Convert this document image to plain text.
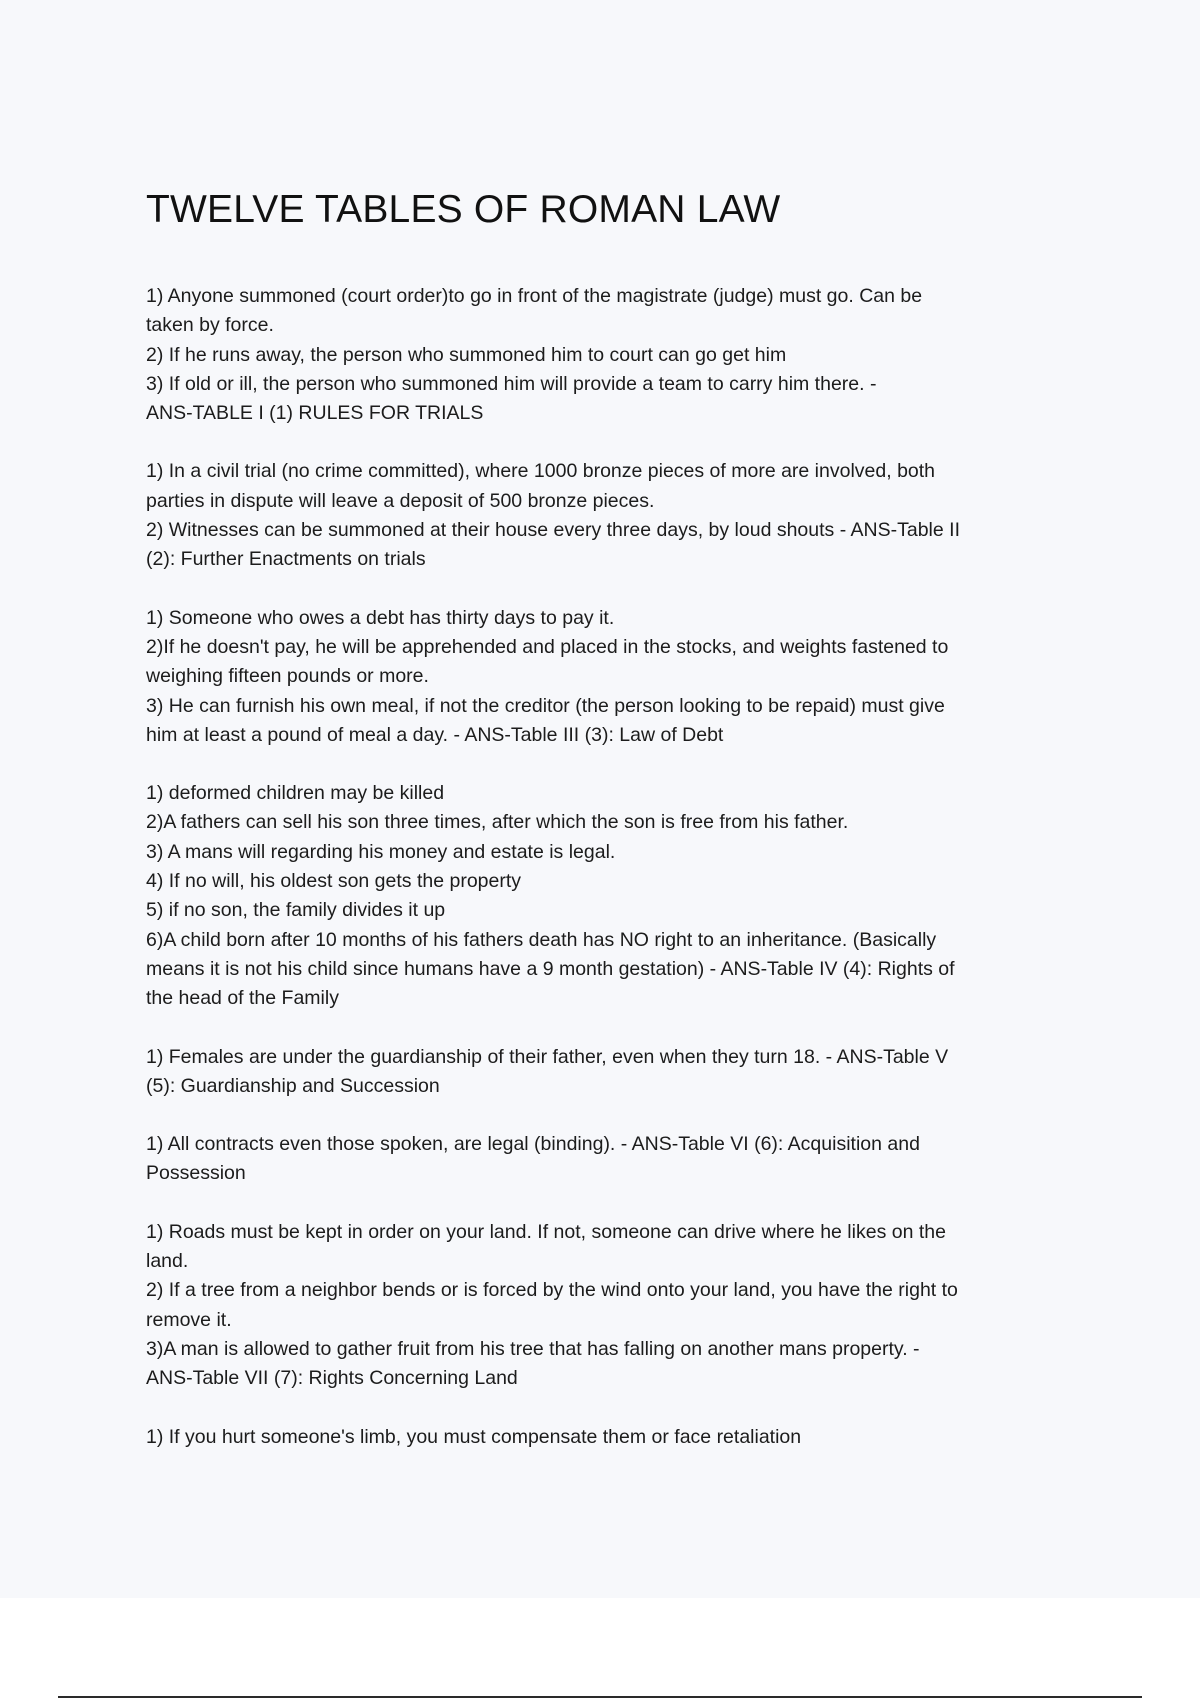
TWELVE TABLES OF ROMAN LAW

1) Anyone summoned (court order)to go in front of the magistrate (judge) must go. Can be

taken by force.

2) If he runs away, the person who summoned him to court can go get him

3) If old or ill, the person who summoned him will provide a team to carry him there. -

ANS-TABLE I (1) RULES FOR TRIALS

1) In a civil trial (no crime committed), where 1000 bronze pieces of more are involved, both

parties in dispute will leave a deposit of 500 bronze pieces.

2) Witnesses can be summoned at their house every three days, by loud shouts - ANS-Table II

(2): Further Enactments on trials

1) Someone who owes a debt has thirty days to pay it.

2)If he doesn't pay, he will be apprehended and placed in the stocks, and weights fastened to

weighing fifteen pounds or more.

3) He can furnish his own meal, if not the creditor (the person looking to be repaid) must give

him at least a pound of meal a day. - ANS-Table III (3): Law of Debt

1) deformed children may be killed

2)A fathers can sell his son three times, after which the son is free from his father.

3) A mans will regarding his money and estate is legal.

4) If no will, his oldest son gets the property

5) if no son, the family divides it up

6)A child born after 10 months of his fathers death has NO right to an inheritance. (Basically

means it is not his child since humans have a 9 month gestation) - ANS-Table IV (4): Rights of

the head of the Family

1) Females are under the guardianship of their father, even when they turn 18. - ANS-Table V

(5): Guardianship and Succession

1) All contracts even those spoken, are legal (binding). - ANS-Table VI (6): Acquisition and

Possession

1) Roads must be kept in order on your land. If not, someone can drive where he likes on the

land.

2) If a tree from a neighbor bends or is forced by the wind onto your land, you have the right to

remove it.

3)A man is allowed to gather fruit from his tree that has falling on another mans property. -

ANS-Table VII (7): Rights Concerning Land

1) If you hurt someone's limb, you must compensate them or face retaliation
